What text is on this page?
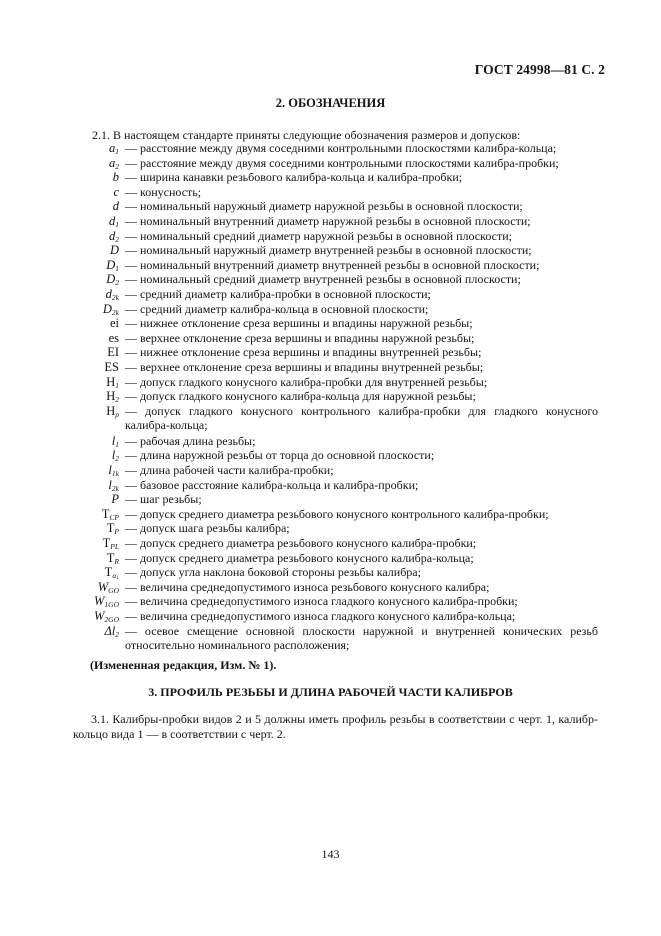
ГОСТ 24998—81 С. 2
2. ОБОЗНАЧЕНИЯ
2.1. В настоящем стандарте приняты следующие обозначения размеров и допусков:
$a_1$ — расстояние между двумя соседними контрольными плоскостями калибра-кольца;
$a_2$ — расстояние между двумя соседними контрольными плоскостями калибра-пробки;
b — ширина канавки резьбового калибра-кольца и калибра-пробки;
c — конусность;
d — номинальный наружный диаметр наружной резьбы в основной плоскости;
$d_1$ — номинальный внутренний диаметр наружной резьбы в основной плоскости;
$d_2$ — номинальный средний диаметр наружной резьбы в основной плоскости;
D — номинальный наружный диаметр внутренней резьбы в основной плоскости;
$D_1$ — номинальный внутренний диаметр внутренней резьбы в основной плоскости;
$D_2$ — номинальный средний диаметр внутренней резьбы в основной плоскости;
$d_{2k}$ — средний диаметр калибра-пробки в основной плоскости;
$D_{2k}$ — средний диаметр калибра-кольца в основной плоскости;
ei — нижнее отклонение среза вершины и впадины наружной резьбы;
es — верхнее отклонение среза вершины и впадины наружной резьбы;
EI — нижнее отклонение среза вершины и впадины внутренней резьбы;
ES — верхнее отклонение среза вершины и впадины внутренней резьбы;
$H_1$ — допуск гладкого конусного калибра-пробки для внутренней резьбы;
$H_2$ — допуск гладкого конусного калибра-кольца для наружной резьбы;
$H_p$ — допуск гладкого конусного контрольного калибра-пробки для гладкого конусного калибра-кольца;
$l_1$ — рабочая длина резьбы;
$l_2$ — длина наружной резьбы от торца до основной плоскости;
$l_{1k}$ — длина рабочей части калибра-пробки;
$l_{2k}$ — базовое расстояние калибра-кольца и калибра-пробки;
P — шаг резьбы;
$T_{CP}$ — допуск среднего диаметра резьбового конусного контрольного калибра-пробки;
$T_P$ — допуск шага резьбы калибра;
$T_{PL}$ — допуск среднего диаметра резьбового конусного калибра-пробки;
$T_R$ — допуск среднего диаметра резьбового конусного калибра-кольца;
$T_{\alpha_1}$ — допуск угла наклона боковой стороны резьбы калибра;
$W_{GO}$ — величина среднедопустимого износа резьбового конусного калибра;
$W_{1GO}$ — величина среднедопустимого износа гладкого конусного калибра-пробки;
$W_{2GO}$ — величина среднедопустимого износа гладкого конусного калибра-кольца;
$\Delta l_2$ — осевое смещение основной плоскости наружной и внутренней конических резьб относительно номинального расположения;
(Измененная редакция, Изм. № 1).
3. ПРОФИЛЬ РЕЗЬБЫ И ДЛИНА РАБОЧЕЙ ЧАСТИ КАЛИБРОВ
3.1. Калибры-пробки видов 2 и 5 должны иметь профиль резьбы в соответствии с черт. 1, калибр-кольцо вида 1 — в соответствии с черт. 2.
143
